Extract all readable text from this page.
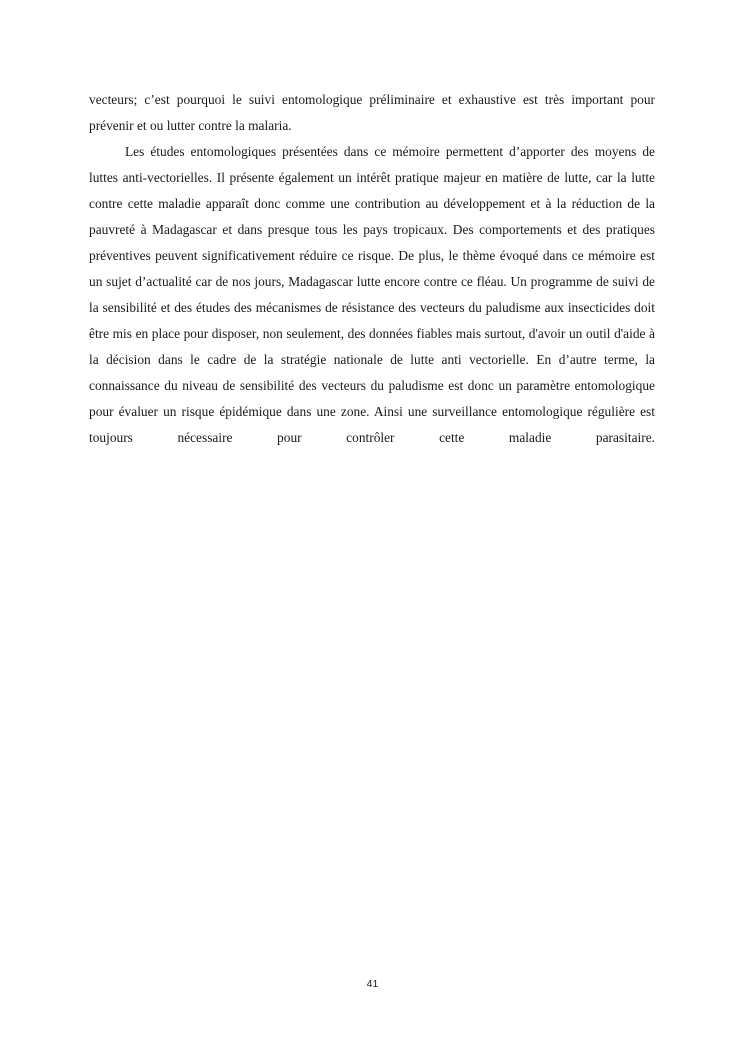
vecteurs; c’est pourquoi le suivi entomologique préliminaire et exhaustive est très important pour prévenir et ou lutter contre la malaria.

Les études entomologiques présentées dans ce mémoire permettent d’apporter des moyens de luttes anti-vectorielles. Il présente également un intérêt pratique majeur en matière de lutte, car la lutte contre cette maladie apparaît donc comme une contribution au développement et à la réduction de la pauvreté à Madagascar et dans presque tous les pays tropicaux. Des comportements et des pratiques préventives peuvent significativement réduire ce risque. De plus, le thème évoqué dans ce mémoire est un sujet d’actualité car de nos jours, Madagascar lutte encore contre ce fléau. Un programme de suivi de la sensibilité et des études des mécanismes de résistance des vecteurs du paludisme aux insecticides doit être mis en place pour disposer, non seulement, des données fiables mais surtout, d'avoir un outil d'aide à la décision dans le cadre de la stratégie nationale de lutte anti vectorielle. En d’autre terme, la connaissance du niveau de sensibilité des vecteurs du paludisme est donc un paramètre entomologique pour évaluer un risque épidémique dans une zone. Ainsi une surveillance entomologique régulière est toujours nécessaire pour contrôler cette maladie parasitaire.

41
